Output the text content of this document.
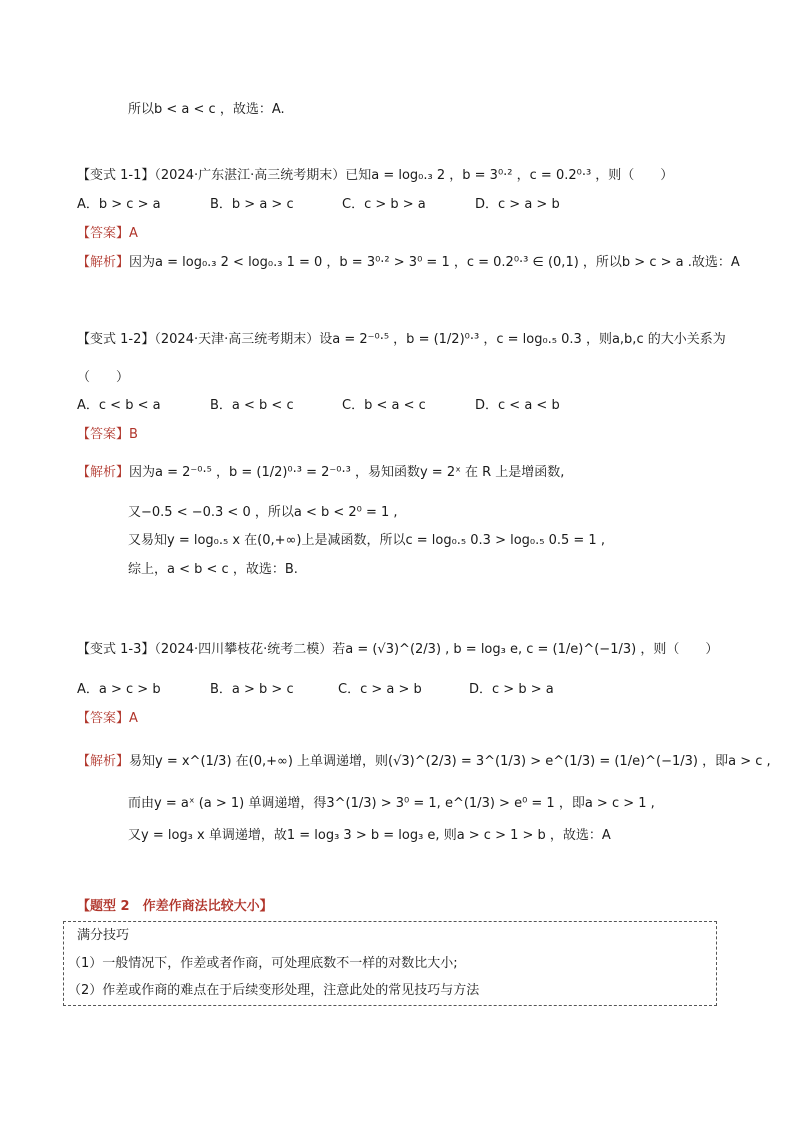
所以b < a < c ，故选：A.
【变式 1-1】（2024·广东湛江·高三统考期末）已知a = log₀.₃ 2 ，b = 3⁰·² ，c = 0.2⁰·³ ，则（　　）
A．b > c > a	B．b > a > c	C．c > b > a	D．c > a > b
【答案】A
【解析】因为a = log₀.₃ 2 < log₀.₃ 1 = 0 ，b = 3⁰·² > 3⁰ = 1 ，c = 0.2⁰·³ ∈ (0,1) ，所以b > c > a .故选：A
【变式 1-2】（2024·天津·高三统考期末）设a = 2⁻⁰·⁵ ，b = (1/2)⁰·³ ，c = log₀.₅ 0.3 ，则a,b,c 的大小关系为
（　　）
A．c < b < a	B．a < b < c	C．b < a < c	D．c < a < b
【答案】B
【解析】因为a = 2⁻⁰·⁵ ，b = (1/2)⁰·³ = 2⁻⁰·³ ，易知函数y = 2ˣ 在 R 上是增函数,
又−0.5 < −0.3 < 0 ，所以a < b < 2⁰ = 1 ,
又易知y = log₀.₅ x 在(0,+∞)上是减函数，所以c = log₀.₅ 0.3 > log₀.₅ 0.5 = 1 ,
综上，a < b < c ，故选：B.
【变式 1-3】（2024·四川攀枝花·统考二模）若a = (√3)^(2/3) , b = log₃ e, c = (1/e)^(−1/3) ，则（　　）
A．a > c > b	B．a > b > c	C．c > a > b	D．c > b > a
【答案】A
【解析】易知y = x^(1/3) 在(0,+∞) 上单调递增，则(√3)^(2/3) = 3^(1/3) > e^(1/3) = (1/e)^(−1/3) ，即a > c ,
而由y = aˣ (a > 1) 单调递增，得3^(1/3) > 3⁰ = 1, e^(1/3) > e⁰ = 1 ，即a > c > 1 ,
又y = log₃ x 单调递增，故1 = log₃ 3 > b = log₃ e, 则a > c > 1 > b ，故选：A
【题型 2　作差作商法比较大小】
满分技巧
（1）一般情况下，作差或者作商，可处理底数不一样的对数比大小;
（2）作差或作商的难点在于后续变形处理，注意此处的常见技巧与方法
